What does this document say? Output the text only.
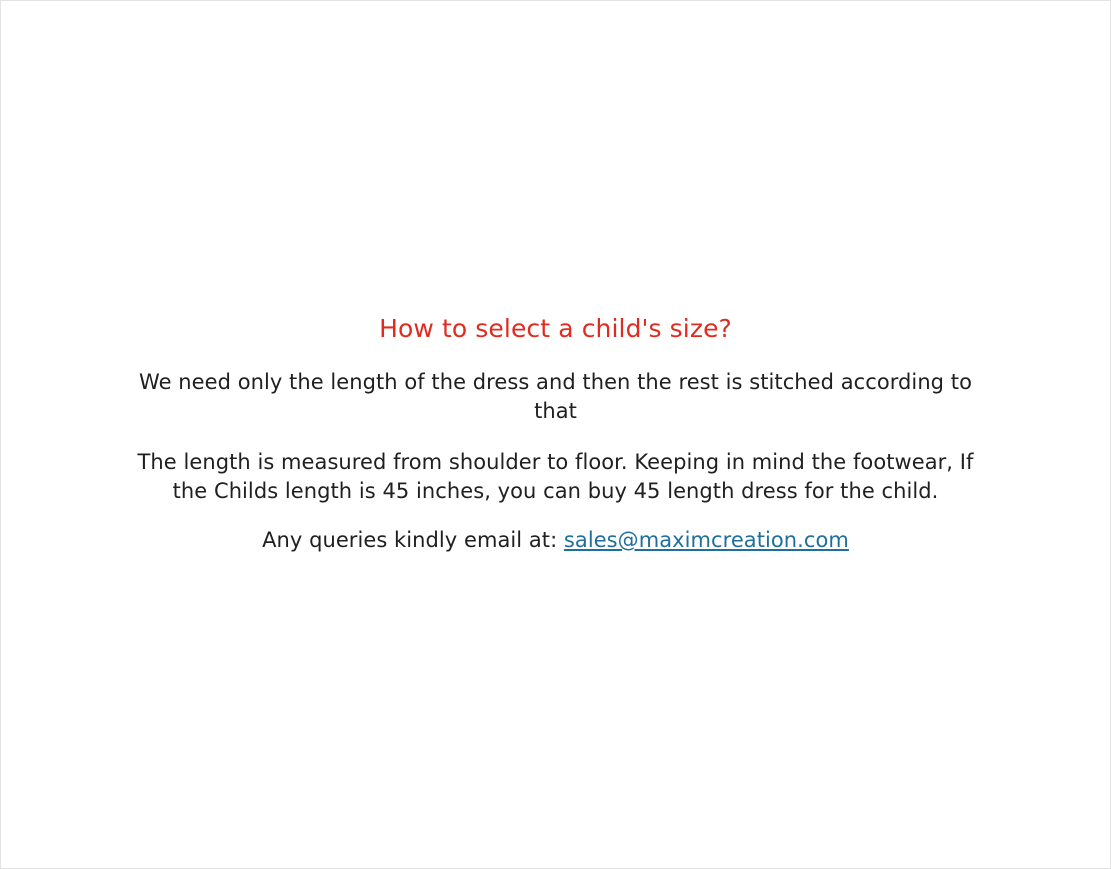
How to select a child's size?

We need only the length of the dress and then the rest is stitched according to that

The length is measured from shoulder to floor. Keeping in mind the footwear, If the Childs length is 45 inches, you can buy 45 length dress for the child.

Any queries kindly email at: sales@maximcreation.com
